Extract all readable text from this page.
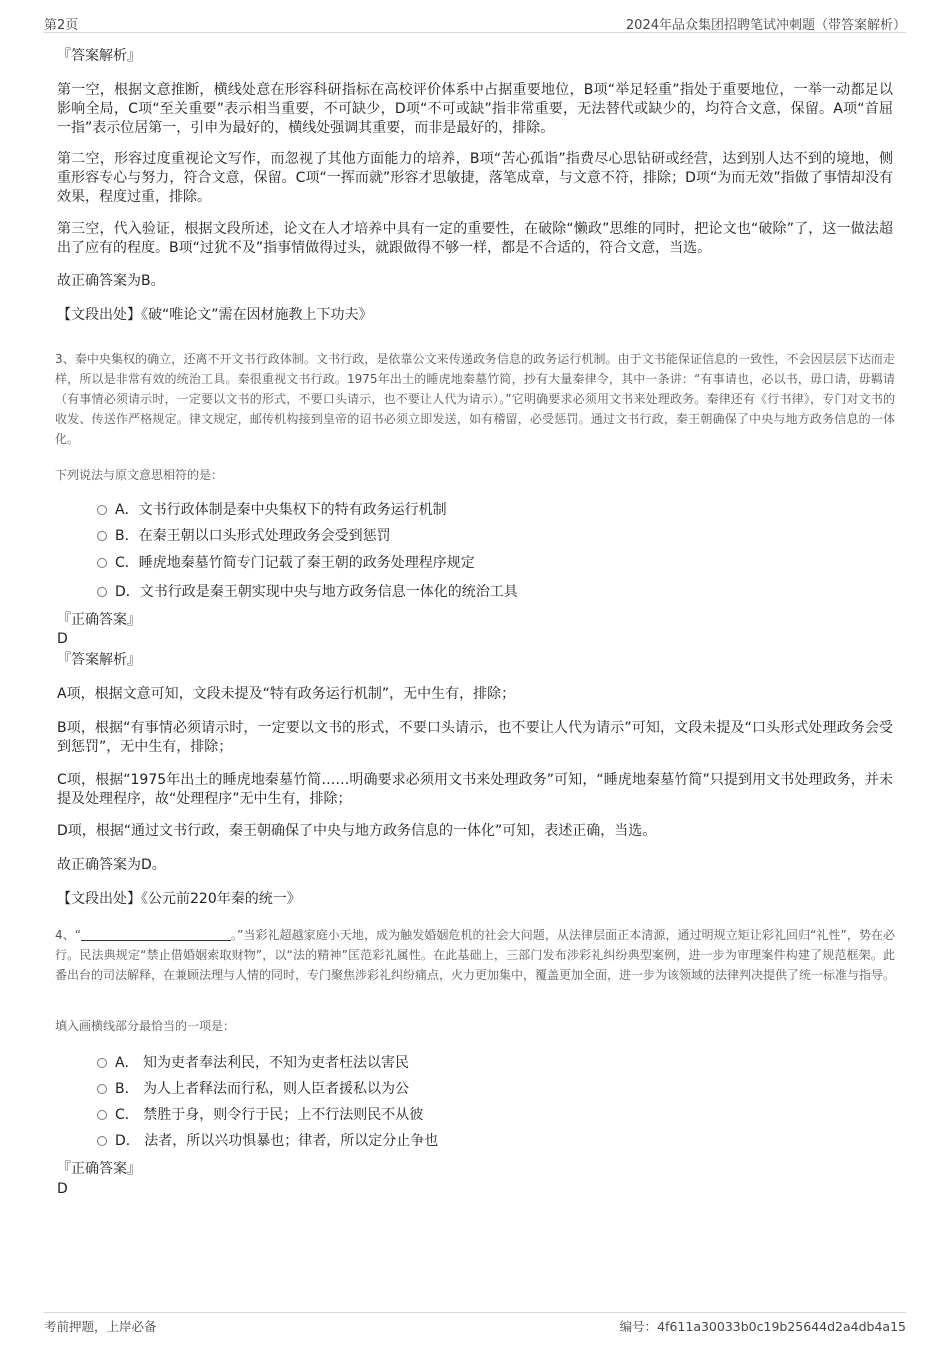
第2页	2024年品众集团招聘笔试冲刺题（带答案解析）
『答案解析』
第一空，根据文意推断，横线处意在形容科研指标在高校评价体系中占据重要地位，B项“举足轻重”指处于重要地位，一举一动都足以影响全局，C项“至关重要”表示相当重要，不可缺少，D项“不可或缺”指非常重要，无法替代或缺少的，均符合文意，保留。A项“首屈一指”表示位居第一，引申为最好的，横线处强调其重要，而非是最好的，排除。
第二空，形容过度重视论文写作，而忽视了其他方面能力的培养，B项“苦心孤诣”指费尽心思钻研或经营，达到别人达不到的境地，侧重形容专心与努力，符合文意，保留。C项“一挥而就”形容才思敏捷，落笔成章，与文意不符，排除；D项“为而无效”指做了事情却没有效果，程度过重，排除。
第三空，代入验证，根据文段所述，论文在人才培养中具有一定的重要性，在破除“懒政”思维的同时，把论文也“破除”了，这一做法超出了应有的程度。B项“过犹不及”指事情做得过头，就跟做得不够一样，都是不合适的，符合文意，当选。
故正确答案为B。
【文段出处】《破“唯论文”需在因材施教上下功夫》
3、秦中央集权的确立，还离不开文书行政体制。文书行政，是依靠公文来传递政务信息的政务运行机制。由于文书能保证信息的一致性，不会因层层下达而走样，所以是非常有效的统治工具。秦很重视文书行政。1975年出土的睡虎地秦墓竹简，抄有大量秦律令，其中一条讲：“有事请也，必以书，毋口请，毋羁请（有事情必须请示时，一定要以文书的形式，不要口头请示，也不要让人代为请示）。”它明确要求必须用文书来处理政务。秦律还有《行书律》，专门对文书的收发、传送作严格规定。律文规定，邮传机构接到皇帝的诏书必须立即发送，如有稽留，必受惩罚。通过文书行政，秦王朝确保了中央与地方政务信息的一体化。
下列说法与原文意思相符的是：
A．文书行政体制是秦中央集权下的特有政务运行机制
B．在秦王朝以口头形式处理政务会受到惩罚
C．睡虎地秦墓竹简专门记载了秦王朝的政务处理程序规定
D．文书行政是秦王朝实现中央与地方政务信息一体化的统治工具
『正确答案』
D
『答案解析』
A项，根据文意可知，文段未提及“特有政务运行机制”，无中生有，排除；
B项，根据“有事情必须请示时，一定要以文书的形式，不要口头请示，也不要让人代为请示”可知，文段未提及“口头形式处理政务会受到惩罚”，无中生有，排除；
C项，根据“1975年出土的睡虎地秦墓竹简……明确要求必须用文书来处理政务”可知，“睡虎地秦墓竹简”只提到用文书处理政务，并未提及处理程序，故“处理程序”无中生有，排除；
D项，根据“通过文书行政，秦王朝确保了中央与地方政务信息的一体化”可知，表述正确，当选。
故正确答案为D。
【文段出处】《公元前220年秦的统一》
4、“	。”当彩礼超越家庭小天地，成为触发婚姻危机的社会大问题，从法律层面正本清源，通过明规立矩让彩礼回归“礼性”，势在必行。民法典规定“禁止借婚姻索取财物”，以“法的精神”匡范彩礼属性。在此基础上，三部门发布涉彩礼纠纷典型案例，进一步为审理案件构建了规范框架。此番出台的司法解释，在兼顾法理与人情的同时，专门聚焦涉彩礼纠纷痛点，火力更加集中，覆盖更加全面，进一步为该领域的法律判决提供了统一标准与指导。
填入画横线部分最恰当的一项是：
A． 知为吏者奉法利民，不知为吏者枉法以害民
B． 为人上者释法而行私，则人臣者援私以为公
C． 禁胜于身，则令行于民；上不行法则民不从彼
D． 法者，所以兴功惧暴也；律者，所以定分止争也
『正确答案』
D
考前押题，上岸必备	编号：4f611a30033b0c19b25644d2a4db4a15
